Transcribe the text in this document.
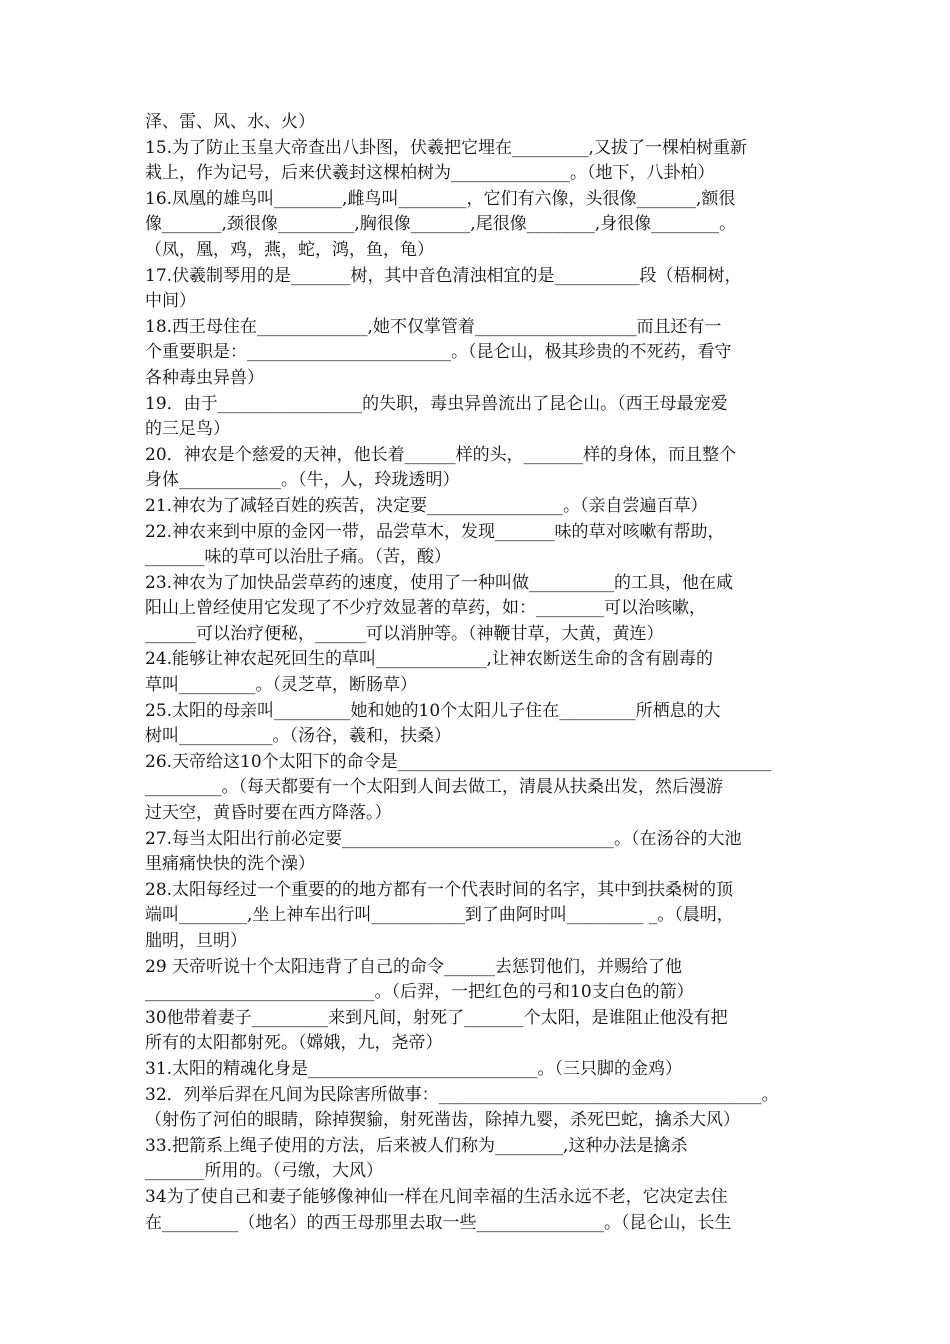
泽、雷、风、水、火）
15.为了防止玉皇大帝查出八卦图，伏羲把它埋在_________,又拔了一棵柏树重新
栽上，作为记号，后来伏羲封这棵柏树为______________。（地下，八卦柏）
16.凤凰的雄鸟叫________,雌鸟叫________，它们有六像，头很像_______,额很
像_______,颈很像_________,胸很像_______,尾很像________,身很像________。
（凤，凰，鸡，燕，蛇，鸿，鱼，龟）
17.伏羲制琴用的是_______树，其中音色清浊相宜的是__________段（梧桐树，
中间）
18.西王母住在_____________,她不仅掌管着___________________而且还有一
个重要职是：________________________。（昆仑山，极其珍贵的不死药，看守
各种毒虫异兽）
19．由于_________________的失职，毒虫异兽流出了昆仑山。（西王母最宠爱
的三足鸟）
20．神农是个慈爱的天神，他长着______样的头，_______样的身体，而且整个
身体____________。（牛，人，玲珑透明）
21.神农为了减轻百姓的疾苦，决定要________________。（亲自尝遍百草）
22.神农来到中原的金冈一带，品尝草木，发现_______味的草对咳嗽有帮助，
_______味的草可以治肚子痛。（苦，酸）
23.神农为了加快品尝草药的速度，使用了一种叫做__________的工具，他在咸
阳山上曾经使用它发现了不少疗效显著的草药，如：________可以治咳嗽，
______可以治疗便秘，______可以消肿等。（神鞭甘草，大黄，黄连）
24.能够让神农起死回生的草叫_____________,让神农断送生命的含有剧毒的
草叫_________。（灵芝草，断肠草）
25.太阳的母亲叫_________她和她的10个太阳儿子住在_________所栖息的大
树叫___________。（汤谷，羲和，扶桑）
26.天帝给这10个太阳下的命令是____________________________________________
_________。（每天都要有一个太阳到人间去做工，清晨从扶桑出发，然后漫游
过天空，黄昏时要在西方降落。）
27.每当太阳出行前必定要________________________________。（在汤谷的大池
里痛痛快快的洗个澡）
28.太阳每经过一个重要的的地方都有一个代表时间的名字，其中到扶桑树的顶
端叫________,坐上神车出行叫___________到了曲阿时叫_________ _。（晨明，
朏明，旦明）
29 天帝听说十个太阳违背了自己的命令______去惩罚他们，并赐给了他
___________________________。（后羿，一把红色的弓和10支白色的箭）
30他带着妻子_________来到凡间，射死了_______个太阳，是谁阻止他没有把
所有的太阳都射死。（嫦娥，九，尧帝）
31.太阳的精魂化身是___________________________。（三只脚的金鸡）
32．列举后羿在凡间为民除害所做事：______________________________________。
（射伤了河伯的眼睛，除掉猰貐，射死凿齿，除掉九婴，杀死巴蛇，擒杀大风）
33.把箭系上绳子使用的方法，后来被人们称为________,这种办法是擒杀
_______所用的。（弓缴，大风）
34为了使自己和妻子能够像神仙一样在凡间幸福的生活永远不老，它决定去住
在_________（地名）的西王母那里去取一些_______________。（昆仑山，长生
